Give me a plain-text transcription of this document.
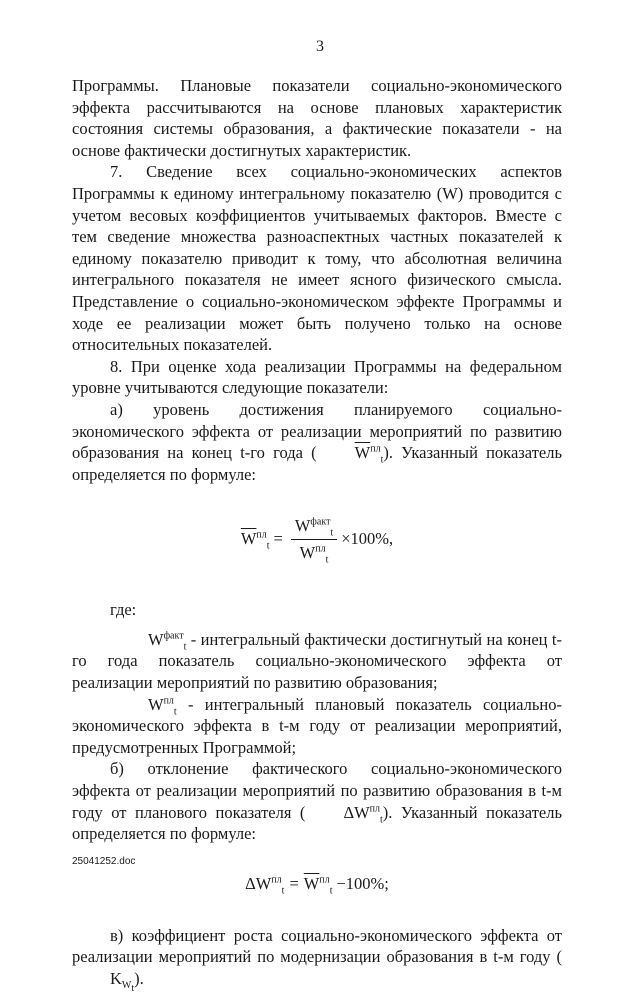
3

Программы. Плановые показатели социально-экономического эффекта рассчитываются на основе плановых характеристик состояния системы образования, а фактические показатели - на основе фактически достигнутых характеристик.

7. Сведение всех социально-экономических аспектов Программы к единому интегральному показателю (W) проводится с учетом весовых коэффициентов учитываемых факторов. Вместе с тем сведение множества разноаспектных частных показателей к единому показателю приводит к тому, что абсолютная величина интегрального показателя не имеет ясного физического смысла. Представление о социально-экономическом эффекте Программы и ходе ее реализации может быть получено только на основе относительных показателей.

8. При оценке хода реализации Программы на федеральном уровне учитываются следующие показатели:

а) уровень достижения планируемого социально-экономического эффекта от реализации мероприятий по развитию образования на конец t-го года ( $\overline{W}^{пл}_t$). Указанный показатель определяется по формуле:

$\overline{W}^{пл}_t = \frac{W^{факт}_t}{W^{пл}_t} \times 100\%$,

где:

$W^{факт}_t$ - интегральный фактически достигнутый на конец t-го года показатель социально-экономического эффекта от реализации мероприятий по развитию образования;

$W^{пл}_t$ - интегральный плановый показатель социально-экономического эффекта в t-м году от реализации мероприятий, предусмотренных Программой;

б) отклонение фактического социально-экономического эффекта от реализации мероприятий по развитию образования в t-м году от планового показателя ( $\Delta W^{пл}_t$). Указанный показатель определяется по формуле:

$\Delta W^{пл}_t = \overline{W}^{пл}_t -100\%$;

в) коэффициент роста социально-экономического эффекта от реализации мероприятий по модернизации образования в t-м году $(K_{W_t})$.

25041252.doc
